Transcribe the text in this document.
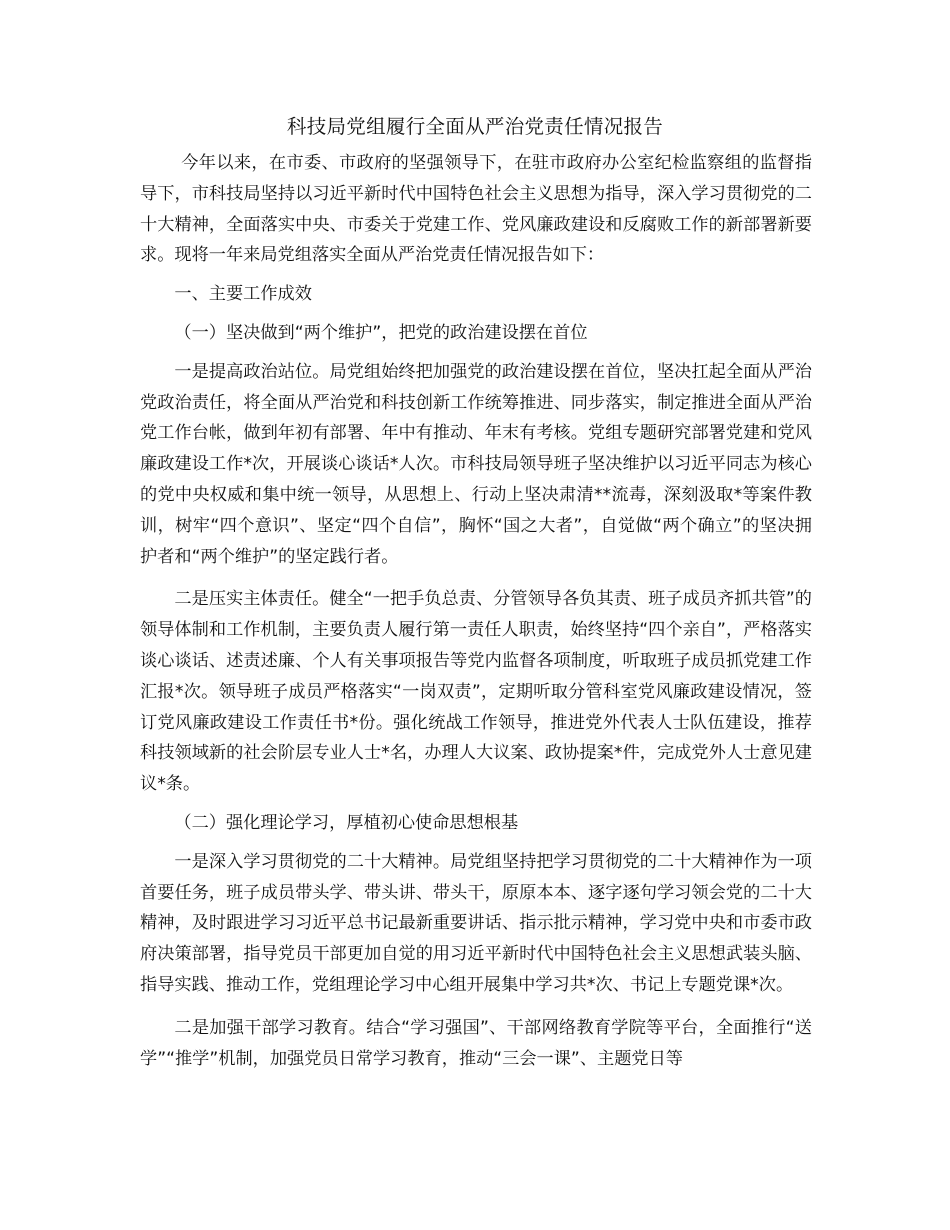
科技局党组履行全面从严治党责任情况报告

今年以来，在市委、市政府的坚强领导下，在驻市政府办公室纪检监察组的监督指导下，市科技局坚持以习近平新时代中国特色社会主义思想为指导，深入学习贯彻党的二十大精神，全面落实中央、市委关于党建工作、党风廉政建设和反腐败工作的新部署新要求。现将一年来局党组落实全面从严治党责任情况报告如下：

一、主要工作成效

（一）坚决做到“两个维护”，把党的政治建设摆在首位

一是提高政治站位。局党组始终把加强党的政治建设摆在首位，坚决扛起全面从严治党政治责任，将全面从严治党和科技创新工作统筹推进、同步落实，制定推进全面从严治党工作台帐，做到年初有部署、年中有推动、年末有考核。党组专题研究部署党建和党风廉政建设工作*次，开展谈心谈话*人次。市科技局领导班子坚决维护以习近平同志为核心的党中央权威和集中统一领导，从思想上、行动上坚决肃清**流毒，深刻汲取*等案件教训，树牢“四个意识”、坚定“四个自信”，胸怀“国之大者”，自觉做“两个确立”的坚决拥护者和“两个维护”的坚定践行者。

二是压实主体责任。健全“一把手负总责、分管领导各负其责、班子成员齐抓共管”的领导体制和工作机制，主要负责人履行第一责任人职责，始终坚持“四个亲自”，严格落实谈心谈话、述责述廉、个人有关事项报告等党内监督各项制度，听取班子成员抓党建工作汇报*次。领导班子成员严格落实“一岗双责”，定期听取分管科室党风廉政建设情况，签订党风廉政建设工作责任书*份。强化统战工作领导，推进党外代表人士队伍建设，推荐科技领域新的社会阶层专业人士*名，办理人大议案、政协提案*件，完成党外人士意见建议*条。

（二）强化理论学习，厚植初心使命思想根基

一是深入学习贯彻党的二十大精神。局党组坚持把学习贯彻党的二十大精神作为一项首要任务，班子成员带头学、带头讲、带头干，原原本本、逐字逐句学习领会党的二十大精神，及时跟进学习习近平总书记最新重要讲话、指示批示精神，学习党中央和市委市政府决策部署，指导党员干部更加自觉的用习近平新时代中国特色社会主义思想武装头脑、指导实践、推动工作，党组理论学习中心组开展集中学习共*次、书记上专题党课*次。

二是加强干部学习教育。结合“学习强国”、干部网络教育学院等平台，全面推行“送学”“推学”机制，加强党员日常学习教育，推动“三会一课”、主题党日等
